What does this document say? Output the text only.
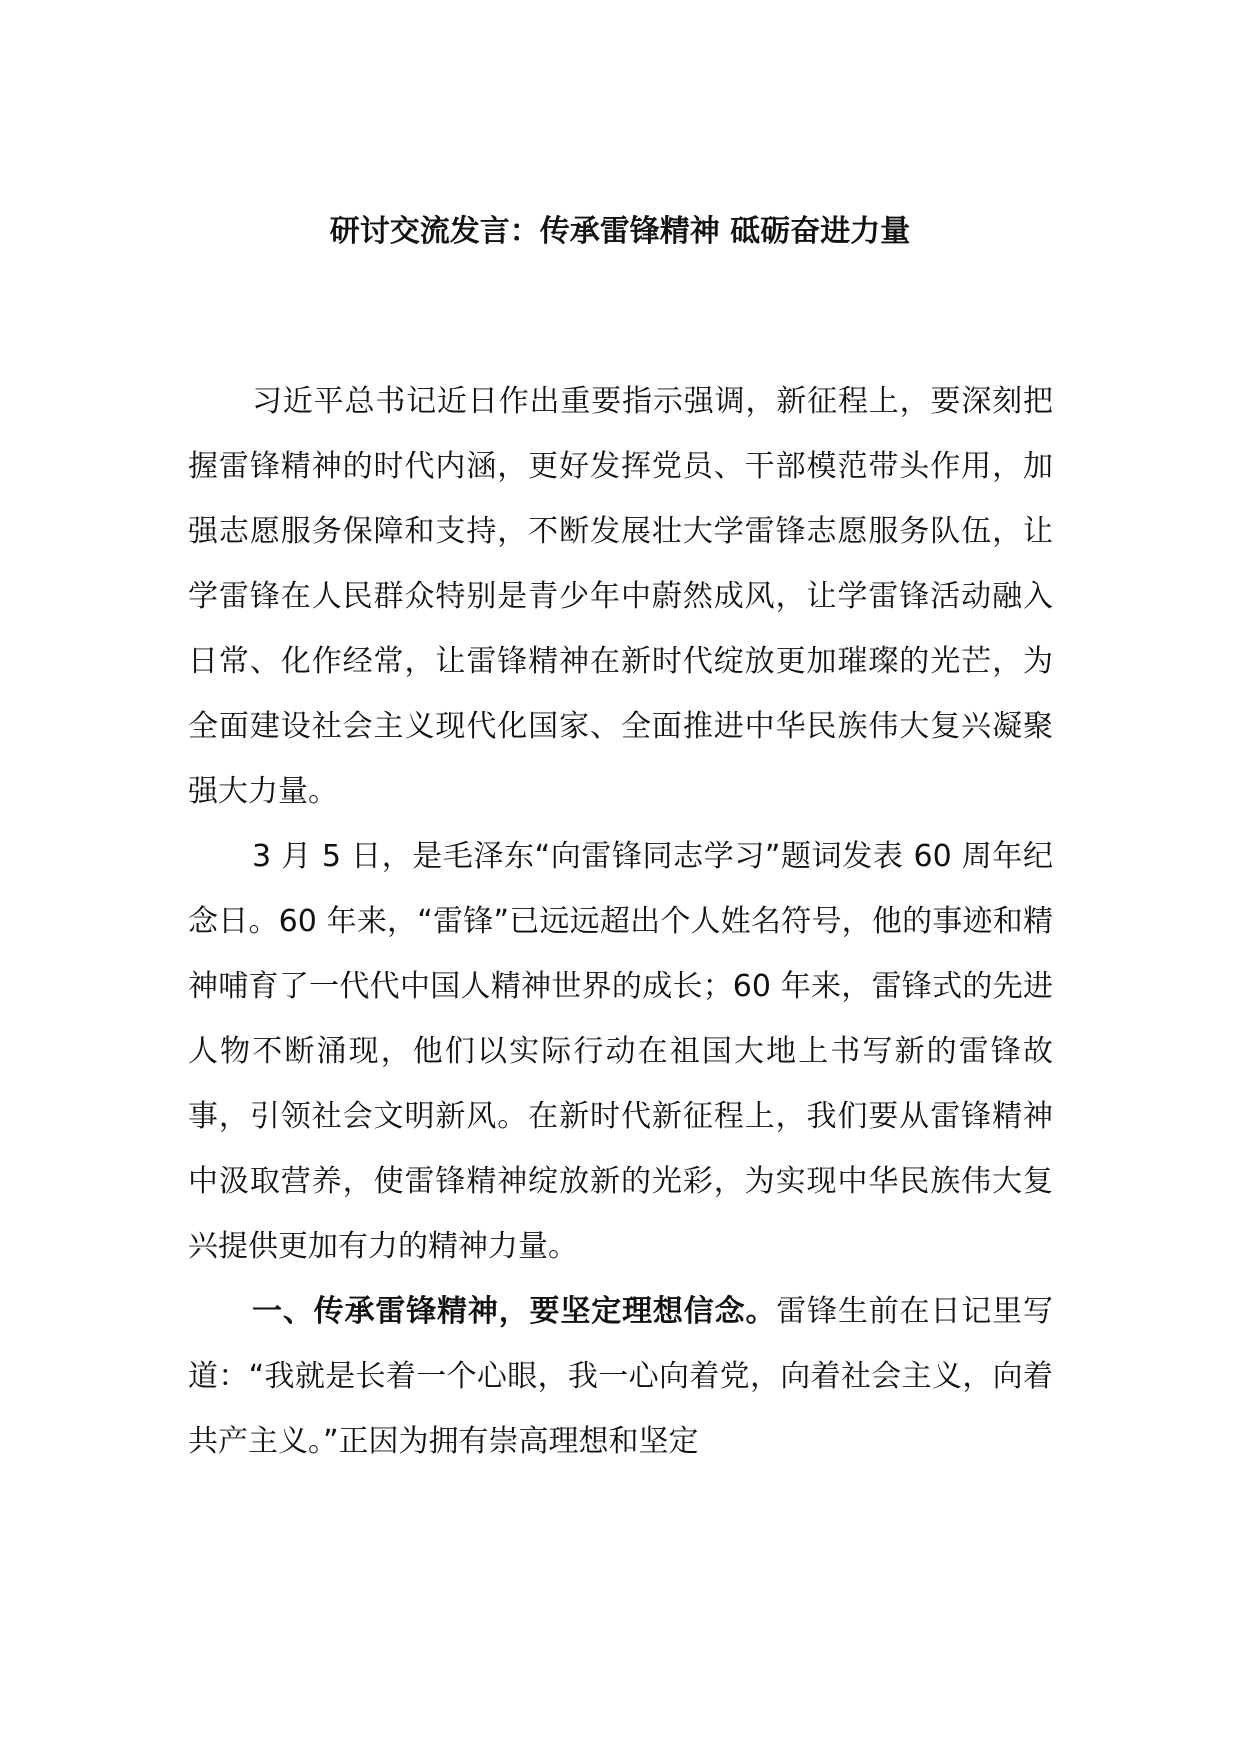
研讨交流发言：传承雷锋精神 砥砺奋进力量

习近平总书记近日作出重要指示强调，新征程上，要深刻把握雷锋精神的时代内涵，更好发挥党员、干部模范带头作用，加强志愿服务保障和支持，不断发展壮大学雷锋志愿服务队伍，让学雷锋在人民群众特别是青少年中蔚然成风，让学雷锋活动融入日常、化作经常，让雷锋精神在新时代绽放更加璀璨的光芒，为全面建设社会主义现代化国家、全面推进中华民族伟大复兴凝聚强大力量。

3 月 5 日，是毛泽东“向雷锋同志学习”题词发表 60 周年纪念日。60 年来，“雷锋”已远远超出个人姓名符号，他的事迹和精神哺育了一代代中国人精神世界的成长；60 年来，雷锋式的先进人物不断涌现，他们以实际行动在祖国大地上书写新的雷锋故事，引领社会文明新风。在新时代新征程上，我们要从雷锋精神中汲取营养，使雷锋精神绽放新的光彩，为实现中华民族伟大复兴提供更加有力的精神力量。

一、传承雷锋精神，要坚定理想信念。雷锋生前在日记里写道：“我就是长着一个心眼，我一心向着党，向着社会主义，向着共产主义。”正因为拥有崇高理想和坚定
